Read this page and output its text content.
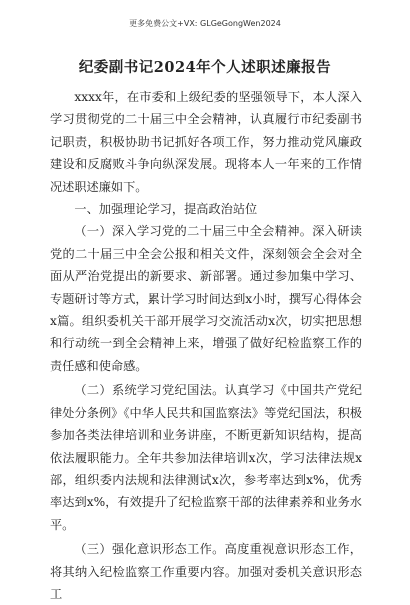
更多免费公文+VX: GLGeGongWen2024
纪委副书记2024年个人述职述廉报告

xxxx年，在市委和上级纪委的坚强领导下，本人深入学习贯彻党的二十届三中全会精神，认真履行市纪委副书记职责，积极协助书记抓好各项工作，努力推动党风廉政建设和反腐败斗争向纵深发展。现将本人一年来的工作情况述职述廉如下。

一、加强理论学习，提高政治站位

（一）深入学习党的二十届三中全会精神。深入研读党的二十届三中全会公报和相关文件，深刻领会全会对全面从严治党提出的新要求、新部署。通过参加集中学习、专题研讨等方式，累计学习时间达到x小时，撰写心得体会x篇。组织委机关干部开展学习交流活动x次，切实把思想和行动统一到全会精神上来，增强了做好纪检监察工作的责任感和使命感。

（二）系统学习党纪国法。认真学习《中国共产党纪律处分条例》《中华人民共和国监察法》等党纪国法，积极参加各类法律培训和业务讲座，不断更新知识结构，提高依法履职能力。全年共参加法律培训x次，学习法律法规x部，组织委内法规和法律测试x次，参考率达到x%，优秀率达到x%，有效提升了纪检监察干部的法律素养和业务水平。

（三）强化意识形态工作。高度重视意识形态工作，将其纳入纪检监察工作重要内容。加强对委机关意识形态工
